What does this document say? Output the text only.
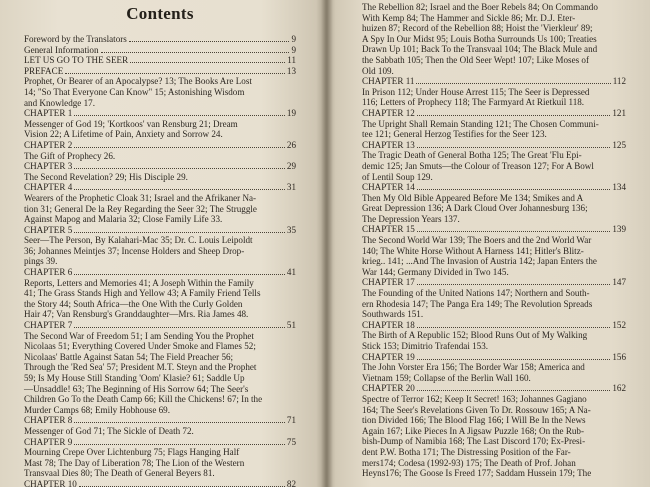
Contents
Foreword by the Translators	9
General Information	9
LET US GO TO THE SEER	11
PREFACE	13
Prophet, Or Bearer of an Apocalypse? 13; The Books Are Lost
14; "So That Everyone Can Know" 15; Astonishing Wisdom
and Knowledge 17.
CHAPTER 1	19
Messenger of God 19; 'Kortkoos' van Rensburg 21; Dream
Vision 22; A Lifetime of Pain, Anxiety and Sorrow 24.
CHAPTER 2	26
The Gift of Prophecy 26.
CHAPTER 3	29
The Second Revelation? 29; His Disciple 29.
CHAPTER 4	31
Wearers of the Prophetic Cloak 31; Israel and the Afrikaner Na-
tion 31; General De la Rey Regarding the Seer 32; The Struggle
Against Mapog and Malaria 32; Close Family Life 33.
CHAPTER 5	35
Seer—The Person, By Kalahari-Mac 35; Dr. C. Louis Leipoldt
36; Johannes Meintjes 37; Incense Holders and Sheep Drop-
pings 39.
CHAPTER 6	41
Reports, Letters and Memories 41; A Joseph Within the Family
41; The Grass Stands High and Yellow 43; A Family Friend Tells
the Story 44; South Africa—the One With the Curly Golden
Hair 47; Van Rensburg's Granddaughter—Mrs. Ria James 48.
CHAPTER 7	51
The Second War of Freedom 51; I am Sending You the Prophet
Nicolaas 51; Everything Covered Under Smoke and Flames 52;
Nicolaas' Battle Against Satan 54; The Field Preacher 56;
Through the 'Red Sea' 57; President M.T. Steyn and the Prophet
59; Is My House Still Standing 'Oom' Klasie? 61; Saddle Up
—Unsaddle! 63; The Beginning of His Sorrow 64; The Seer's
Children Go To the Death Camp 66; Kill the Chickens! 67; In the
Murder Camps 68; Emily Hobhouse 69.
CHAPTER 8	71
Messenger of God 71; The Sickle of Death 72.
CHAPTER 9	75
Mourning Crepe Over Lichtenburg 75; Flags Hanging Half
Mast 78; The Day of Liberation 78; The Lion of the Western
Transvaal Dies 80; The Death of General Beyers 81.
CHAPTER 10	82
The Rebellion 82; Israel and the Boer Rebels 84; On Commando
With Kemp 84; The Hammer and Sickle 86; Mr. D.J. Eter-
huizen 87; Record of the Rebellion 88; Hoist the 'Vierkleur' 89;
A Spy In Our Midst 95; Louis Botha Surrounds Us 100; Treaties
Drawn Up 101; Back To the Transvaal 104; The Black Mule and
the Sabbath 105; Then the Old Seer Wept! 107; Like Moses of
Old 109.
CHAPTER 11	112
In Prison 112; Under House Arrest 115; The Seer is Depressed
116; Letters of Prophecy 118; The Farmyard At Rietkuil 118.
CHAPTER 12	121
The Upright Shall Remain Standing 121; The Chosen Communi-
tee 121; General Herzog Testifies for the Seer 123.
CHAPTER 13	125
The Tragic Death of General Botha 125; The Great 'Flu Epi-
demic 125; Jan Smuts—the Colour of Treason 127; For A Bowl
of Lentil Soup 129.
CHAPTER 14	134
Then My Old Bible Appeared Before Me 134; Smikes and A
Great Depression 136; A Dark Cloud Over Johannesburg 136;
The Depression Years 137.
CHAPTER 15	139
The Second World War 139; The Boers and the 2nd World War
140; The White Horse Without A Harness 141; Hitler's Blitz-
krieg.. 141; ...And The Invasion of Austria 142; Japan Enters the
War 144; Germany Divided in Two 145.
CHAPTER 17	147
The Founding of the United Nations 147; Northern and South-
ern Rhodesia 147; The Panga Era 149; The Revolution Spreads
Southwards 151.
CHAPTER 18	152
The Birth of A Republic 152; Blood Runs Out of My Walking
Stick 153; Dimitrio Trafendai 153.
CHAPTER 19	156
The John Vorster Era 156; The Border War 158; America and
Vietnam 159; Collapse of the Berlin Wall 160.
CHAPTER 20	162
Spectre of Terror 162; Keep It Secret! 163; Johannes Gagiano
164; The Seer's Revelations Given To Dr. Rossouw 165; A Na-
tion Divided 166; The Blood Flag 166; I Will Be In the News
Again 167; Like Pieces In A Jigsaw Puzzle 168; On the Rub-
bish-Dump of Namibia 168; The Last Discord 170; Ex-Presi-
dent P.W. Botha 171; The Distressing Position of the Far-
mers174; Codesa (1992-93) 175; The Death of Prof. Johan
Heyns176; The Goose Is Freed 177; Saddam Hussein 179; The
